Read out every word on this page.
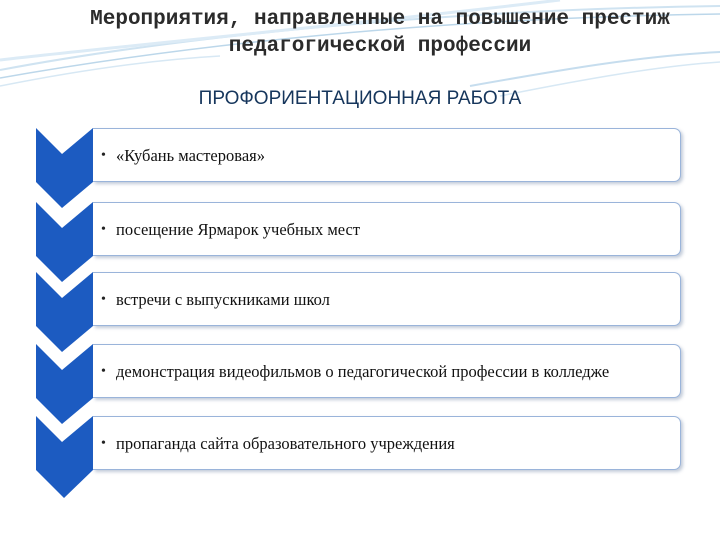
Мероприятия, направленные на повышение престиж
педагогической профессии
ПРОФОРИЕНТАЦИОННАЯ РАБОТА
• «Кубань мастеровая»
• посещение Ярмарок учебных мест
• встречи с выпускниками школ
• демонстрация видеофильмов о педагогической профессии в колледже
• пропаганда сайта образовательного учреждения
